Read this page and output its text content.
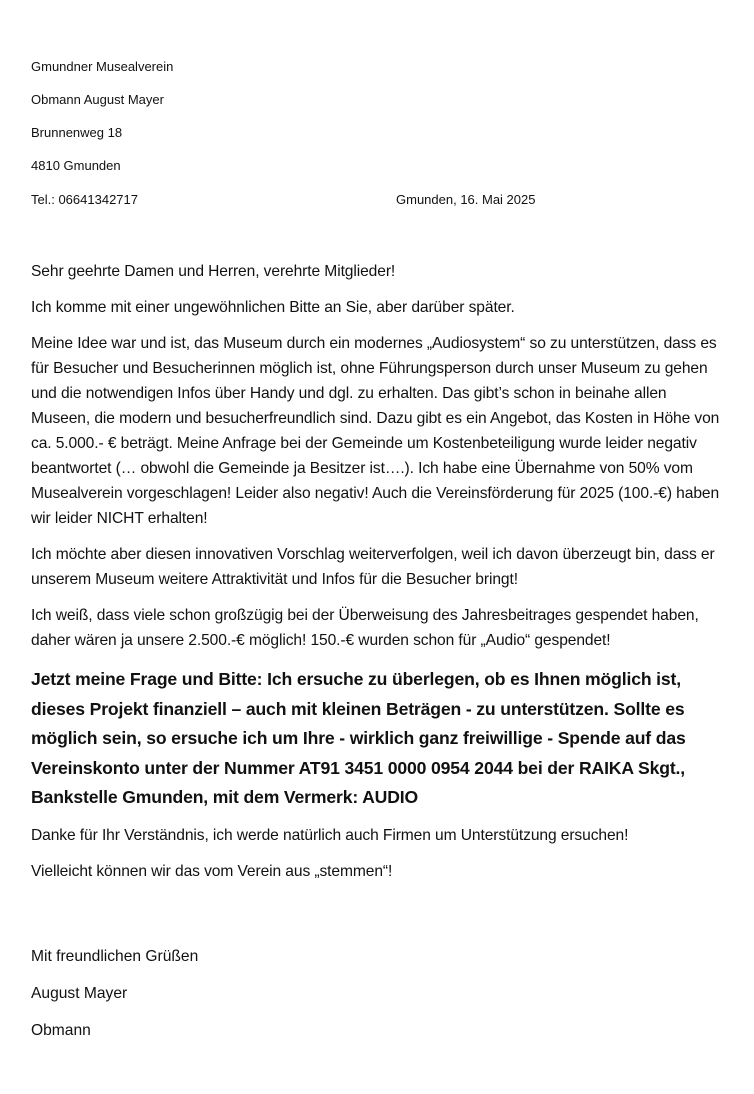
Gmundner Musealverein
Obmann August Mayer
Brunnenweg 18
4810 Gmunden
Tel.: 06641342717	Gmunden, 16. Mai 2025

Sehr geehrte Damen und Herren, verehrte Mitglieder!

Ich komme mit einer ungewöhnlichen Bitte an Sie, aber darüber später.

Meine Idee war und ist, das Museum durch ein modernes „Audiosystem“ so zu unterstützen, dass es für Besucher und Besucherinnen möglich ist, ohne Führungsperson durch unser Museum zu gehen und die notwendigen Infos über Handy und dgl. zu erhalten. Das gibt’s schon in beinahe allen Museen, die modern und besucherfreundlich sind. Dazu gibt es ein Angebot, das Kosten in Höhe von ca. 5.000.- € beträgt. Meine Anfrage bei der Gemeinde um Kostenbeteiligung wurde leider negativ beantwortet (… obwohl die Gemeinde ja Besitzer ist….). Ich habe eine Übernahme von 50% vom Musealverein vorgeschlagen! Leider also negativ! Auch die Vereinsförderung für 2025 (100.-€) haben wir leider NICHT erhalten!

Ich möchte aber diesen innovativen Vorschlag weiterverfolgen, weil ich davon überzeugt bin, dass er unserem Museum weitere Attraktivität und Infos für die Besucher bringt!

Ich weiß, dass viele schon großzügig bei der Überweisung des Jahresbeitrages gespendet haben, daher wären ja unsere 2.500.-€ möglich! 150.-€ wurden schon für „Audio“ gespendet!

Jetzt meine Frage und Bitte: Ich ersuche zu überlegen, ob es Ihnen möglich ist, dieses Projekt finanziell – auch mit kleinen Beträgen - zu unterstützen. Sollte es möglich sein, so ersuche ich um Ihre - wirklich ganz freiwillige - Spende auf das Vereinskonto unter der Nummer AT91 3451 0000 0954 2044 bei der RAIKA Skgt., Bankstelle Gmunden, mit dem Vermerk: AUDIO

Danke für Ihr Verständnis, ich werde natürlich auch Firmen um Unterstützung ersuchen!

Vielleicht können wir das vom Verein aus „stemmen“!

Mit freundlichen Grüßen
August Mayer
Obmann
